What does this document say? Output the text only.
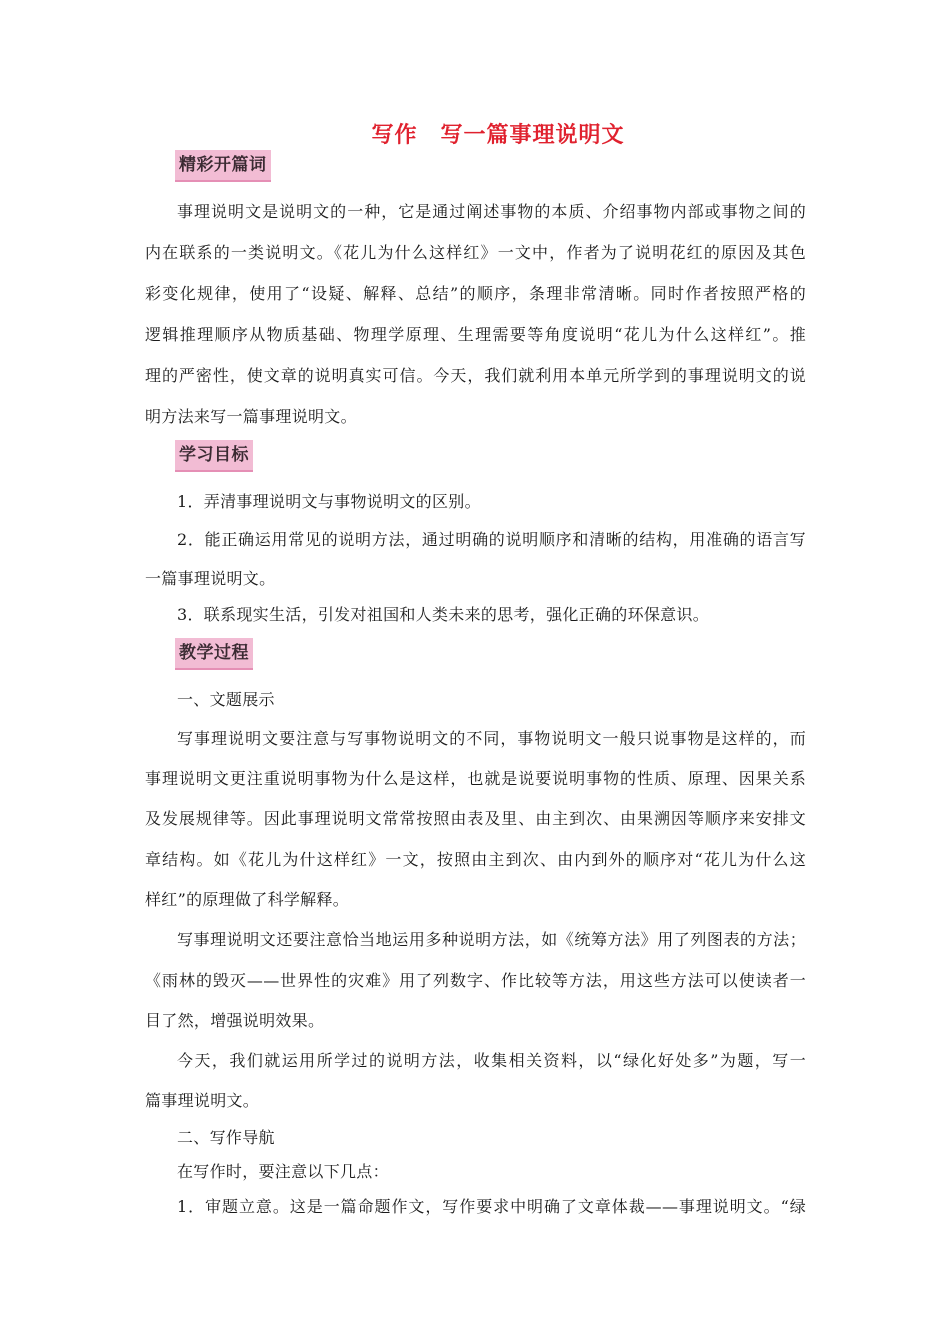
写作　写一篇事理说明文
精彩开篇词
事理说明文是说明文的一种，它是通过阐述事物的本质、介绍事物内部或事物之间的
内在联系的一类说明文。《花儿为什么这样红》一文中，作者为了说明花红的原因及其色
彩变化规律，使用了“设疑、解释、总结”的顺序，条理非常清晰。同时作者按照严格的
逻辑推理顺序从物质基础、物理学原理、生理需要等角度说明“花儿为什么这样红”。推
理的严密性，使文章的说明真实可信。今天，我们就利用本单元所学到的事理说明文的说
明方法来写一篇事理说明文。
学习目标
1．弄清事理说明文与事物说明文的区别。
2．能正确运用常见的说明方法，通过明确的说明顺序和清晰的结构，用准确的语言写
一篇事理说明文。
3．联系现实生活，引发对祖国和人类未来的思考，强化正确的环保意识。
教学过程
一、文题展示
写事理说明文要注意与写事物说明文的不同，事物说明文一般只说事物是这样的，而
事理说明文更注重说明事物为什么是这样，也就是说要说明事物的性质、原理、因果关系
及发展规律等。因此事理说明文常常按照由表及里、由主到次、由果溯因等顺序来安排文
章结构。如《花儿为什这样红》一文，按照由主到次、由内到外的顺序对“花儿为什么这
样红”的原理做了科学解释。
写事理说明文还要注意恰当地运用多种说明方法，如《统筹方法》用了列图表的方法；
《雨林的毁灭——世界性的灾难》用了列数字、作比较等方法，用这些方法可以使读者一
目了然，增强说明效果。
今天，我们就运用所学过的说明方法，收集相关资料，以“绿化好处多”为题，写一
篇事理说明文。
二、写作导航
在写作时，要注意以下几点：
1．审题立意。这是一篇命题作文，写作要求中明确了文章体裁——事理说明文。“绿
